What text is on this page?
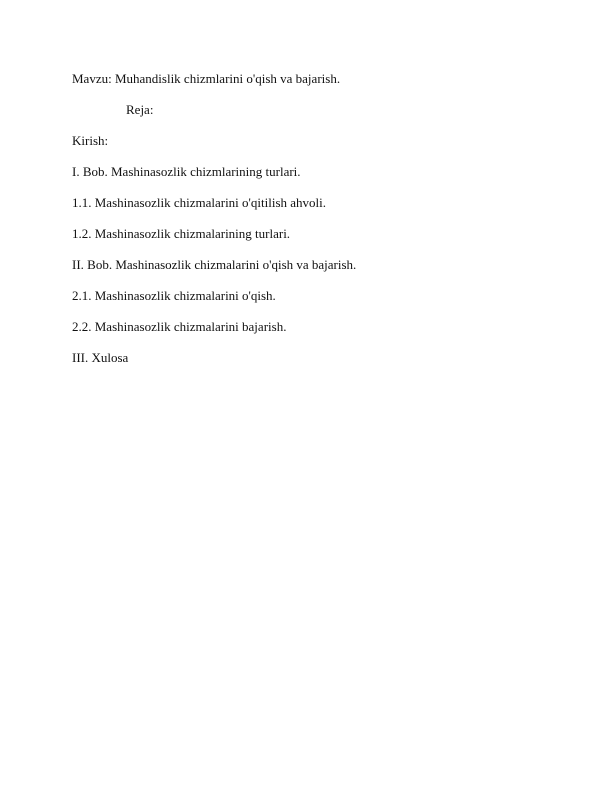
Mavzu: Muhandislik chizmlarini o'qish va bajarish.
Reja:
Kirish:
I. Bob. Mashinasozlik chizmlarining turlari.
1.1. Mashinasozlik chizmalarini o'qitilish ahvoli.
1.2. Mashinasozlik chizmalarining turlari.
II. Bob. Mashinasozlik chizmalarini o'qish va bajarish.
2.1. Mashinasozlik chizmalarini o'qish.
2.2. Mashinasozlik chizmalarini bajarish.
III. Xulosa
